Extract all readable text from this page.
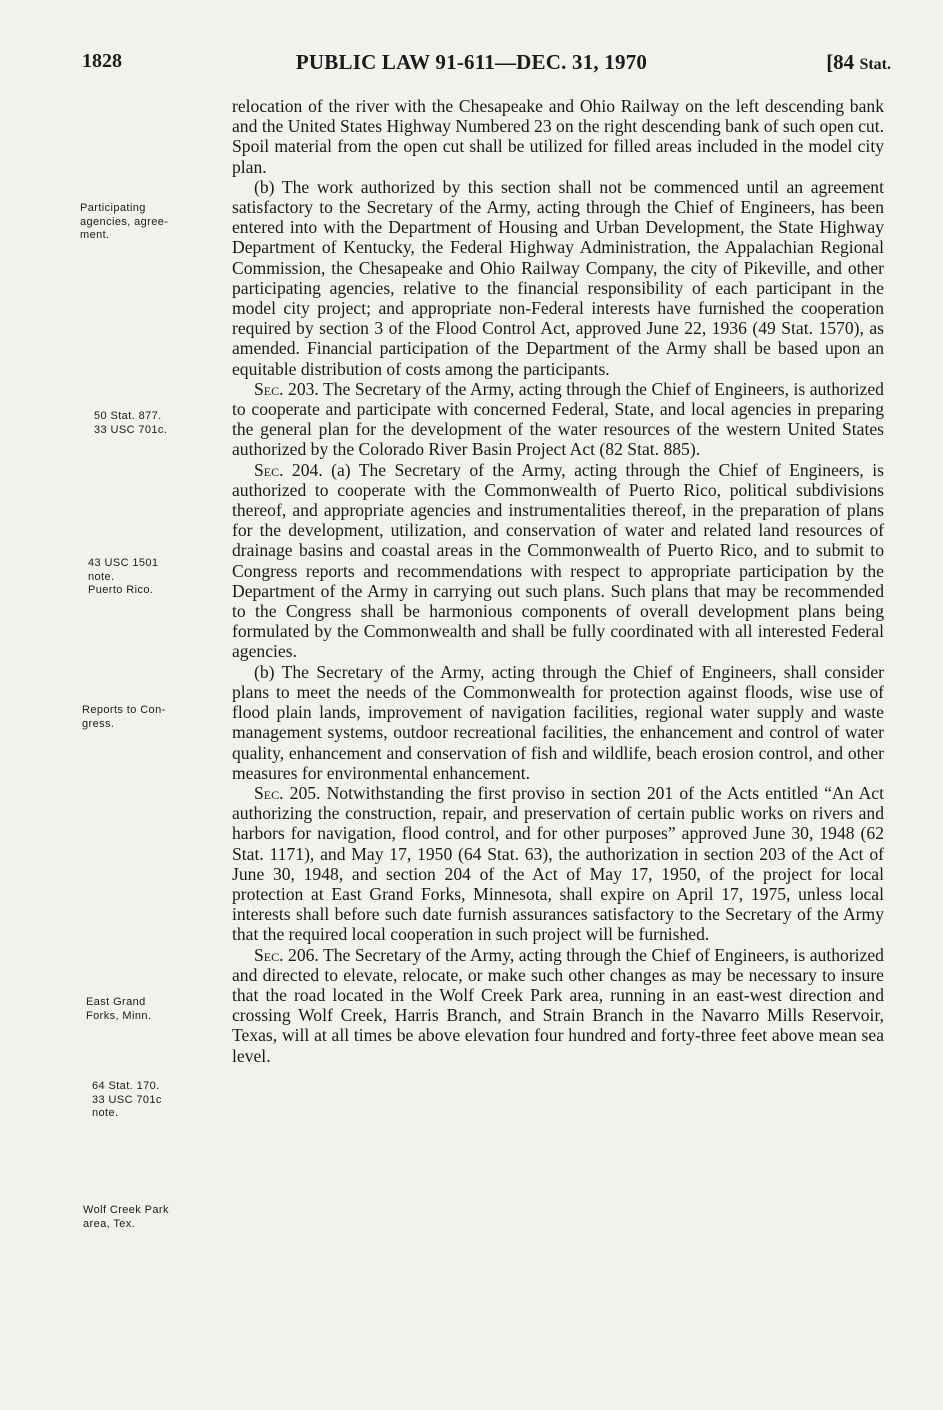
1828	PUBLIC LAW 91-611—DEC. 31, 1970	[84 Stat.
Participating
agencies, agree-
ment.
50 Stat. 877.
33 USC 701c.
43 USC 1501
note.
Puerto Rico.
Reports to Con-
gress.
East Grand
Forks, Minn.
64 Stat. 170.
33 USC 701c
note.
Wolf Creek Park
area, Tex.

relocation of the river with the Chesapeake and Ohio Railway on the left descending bank and the United States Highway Numbered 23 on the right descending bank of such open cut. Spoil material from the open cut shall be utilized for filled areas included in the model city plan.

(b) The work authorized by this section shall not be commenced until an agreement satisfactory to the Secretary of the Army, acting through the Chief of Engineers, has been entered into with the Department of Housing and Urban Development, the State Highway Department of Kentucky, the Federal Highway Administration, the Appalachian Regional Commission, the Chesapeake and Ohio Railway Company, the city of Pikeville, and other participating agencies, relative to the financial responsibility of each participant in the model city project; and appropriate non-Federal interests have furnished the cooperation required by section 3 of the Flood Control Act, approved June 22, 1936 (49 Stat. 1570), as amended. Financial participation of the Department of the Army shall be based upon an equitable distribution of costs among the participants.

Sec. 203. The Secretary of the Army, acting through the Chief of Engineers, is authorized to cooperate and participate with concerned Federal, State, and local agencies in preparing the general plan for the development of the water resources of the western United States authorized by the Colorado River Basin Project Act (82 Stat. 885).

Sec. 204. (a) The Secretary of the Army, acting through the Chief of Engineers, is authorized to cooperate with the Commonwealth of Puerto Rico, political subdivisions thereof, and appropriate agencies and instrumentalities thereof, in the preparation of plans for the development, utilization, and conservation of water and related land resources of drainage basins and coastal areas in the Commonwealth of Puerto Rico, and to submit to Congress reports and recommendations with respect to appropriate participation by the Department of the Army in carrying out such plans. Such plans that may be recommended to the Congress shall be harmonious components of overall development plans being formulated by the Commonwealth and shall be fully coordinated with all interested Federal agencies.

(b) The Secretary of the Army, acting through the Chief of Engineers, shall consider plans to meet the needs of the Commonwealth for protection against floods, wise use of flood plain lands, improvement of navigation facilities, regional water supply and waste management systems, outdoor recreational facilities, the enhancement and control of water quality, enhancement and conservation of fish and wildlife, beach erosion control, and other measures for environmental enhancement.

Sec. 205. Notwithstanding the first proviso in section 201 of the Acts entitled “An Act authorizing the construction, repair, and preservation of certain public works on rivers and harbors for navigation, flood control, and for other purposes” approved June 30, 1948 (62 Stat. 1171), and May 17, 1950 (64 Stat. 63), the authorization in section 203 of the Act of June 30, 1948, and section 204 of the Act of May 17, 1950, of the project for local protection at East Grand Forks, Minnesota, shall expire on April 17, 1975, unless local interests shall before such date furnish assurances satisfactory to the Secretary of the Army that the required local cooperation in such project will be furnished.

Sec. 206. The Secretary of the Army, acting through the Chief of Engineers, is authorized and directed to elevate, relocate, or make such other changes as may be necessary to insure that the road located in the Wolf Creek Park area, running in an east-west direction and crossing Wolf Creek, Harris Branch, and Strain Branch in the Navarro Mills Reservoir, Texas, will at all times be above elevation four hundred and forty-three feet above mean sea level.
